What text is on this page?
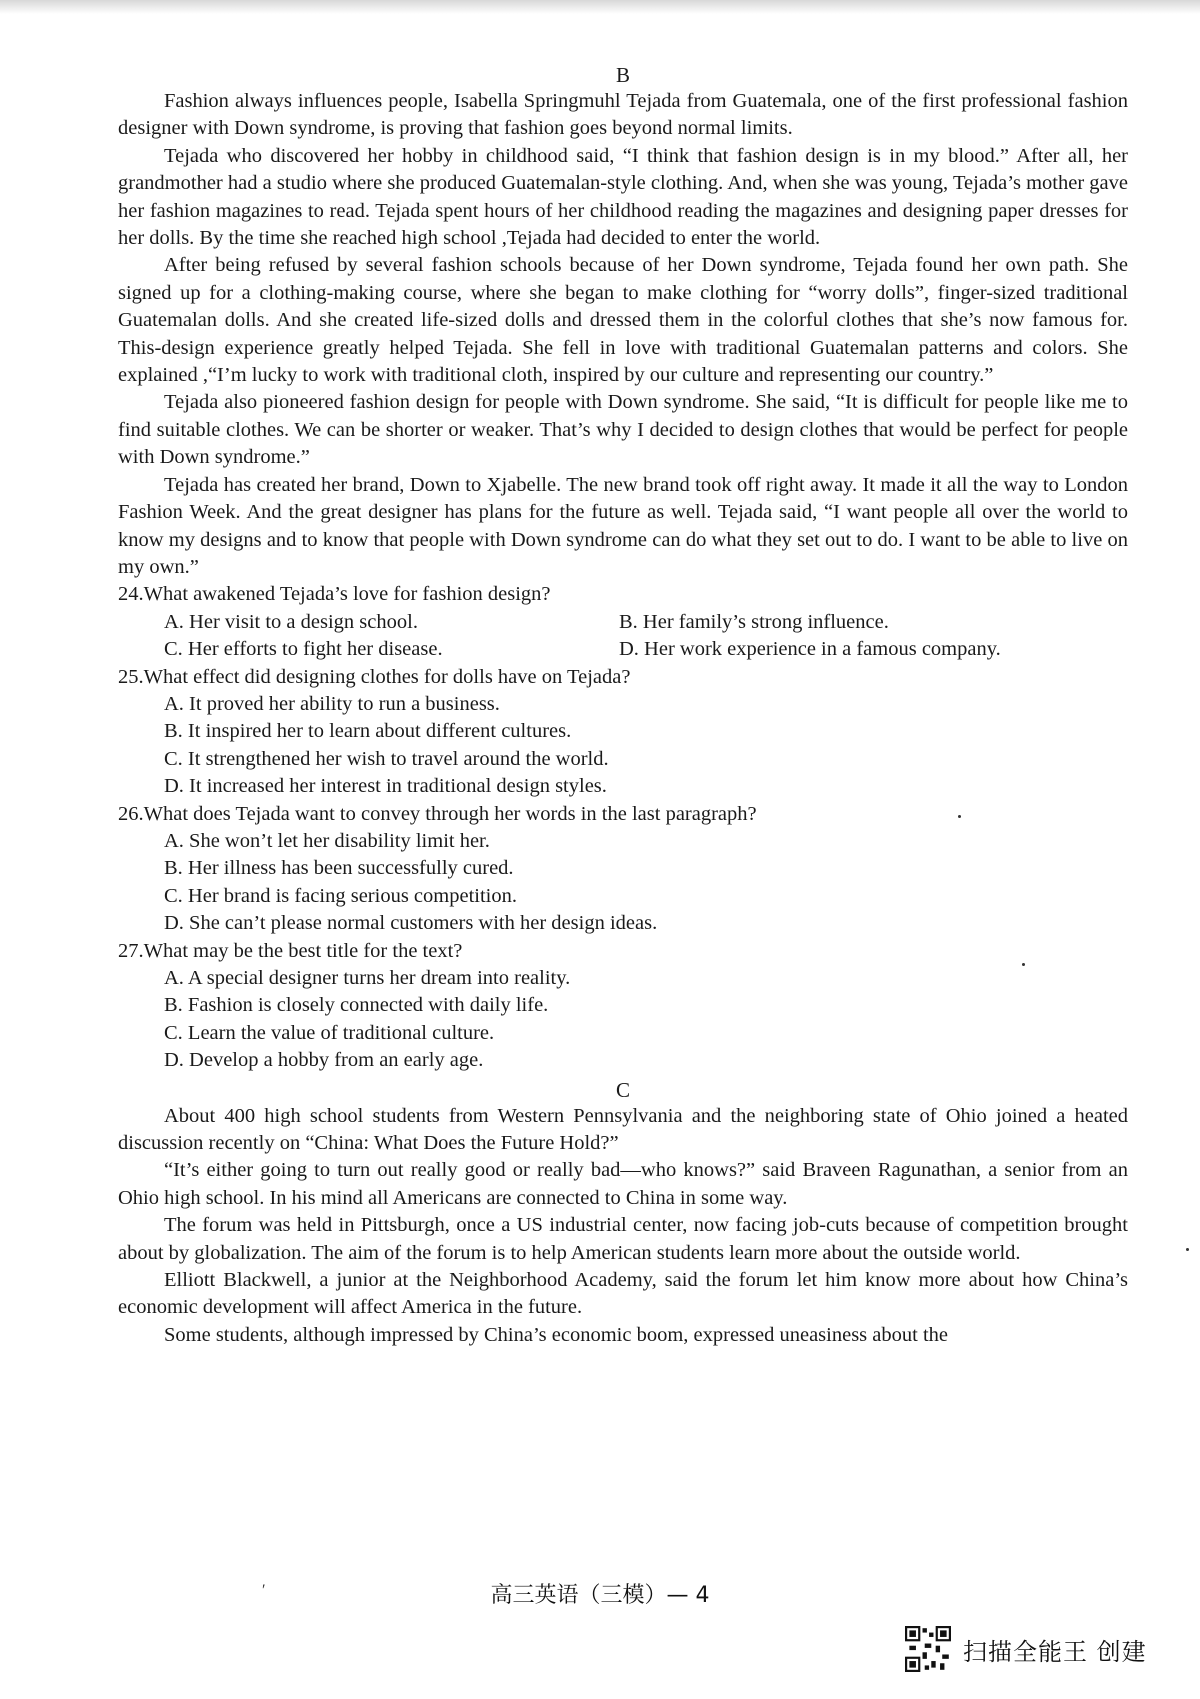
B

Fashion always influences people, Isabella Springmuhl Tejada from Guatemala, one of the first professional fashion designer with Down syndrome, is proving that fashion goes beyond normal limits.

Tejada who discovered her hobby in childhood said, “I think that fashion design is in my blood.” After all, her grandmother had a studio where she produced Guatemalan-style clothing. And, when she was young, Tejada’s mother gave her fashion magazines to read. Tejada spent hours of her childhood reading the magazines and designing paper dresses for her dolls. By the time she reached high school ,Tejada had decided to enter the world.

After being refused by several fashion schools because of her Down syndrome, Tejada found her own path. She signed up for a clothing-making course, where she began to make clothing for “worry dolls”, finger-sized traditional Guatemalan dolls. And she created life-sized dolls and dressed them in the colorful clothes that she’s now famous for. This-design experience greatly helped Tejada. She fell in love with traditional Guatemalan patterns and colors. She explained ,“I’m lucky to work with traditional cloth, inspired by our culture and representing our country.”

Tejada also pioneered fashion design for people with Down syndrome. She said, “It is difficult for people like me to find suitable clothes. We can be shorter or weaker. That’s why I decided to design clothes that would be perfect for people with Down syndrome.”

Tejada has created her brand, Down to Xjabelle. The new brand took off right away. It made it all the way to London Fashion Week. And the great designer has plans for the future as well. Tejada said, “I want people all over the world to know my designs and to know that people with Down syndrome can do what they set out to do. I want to be able to live on my own.”

24.What awakened Tejada’s love for fashion design?

A. Her visit to a design school.	B. Her family’s strong influence.

C. Her efforts to fight her disease.	D. Her work experience in a famous company.

25.What effect did designing clothes for dolls have on Tejada?

A. It proved her ability to run a business.

B. It inspired her to learn about different cultures.

C. It strengthened her wish to travel around the world.

D. It increased her interest in traditional design styles.

26.What does Tejada want to convey through her words in the last paragraph?

A. She won’t let her disability limit her.

B. Her illness has been successfully cured.

C. Her brand is facing serious competition.

D. She can’t please normal customers with her design ideas.

27.What may be the best title for the text?

A. A special designer turns her dream into reality.

B. Fashion is closely connected with daily life.

C. Learn the value of traditional culture.

D. Develop a hobby from an early age.

C

About 400 high school students from Western Pennsylvania and the neighboring state of Ohio joined a heated discussion recently on “China: What Does the Future Hold?”

“It’s either going to turn out really good or really bad—who knows?” said Braveen Ragunathan, a senior from an Ohio high school. In his mind all Americans are connected to China in some way.

The forum was held in Pittsburgh, once a US industrial center, now facing job-cuts because of competition brought about by globalization. The aim of the forum is to help American students learn more about the outside world.

Elliott Blackwell, a junior at the Neighborhood Academy, said the forum let him know more about how China’s economic development will affect America in the future.

Some students, although impressed by China’s economic boom, expressed uneasiness about the

′	高三英语（三模）— 4
扫描全能王 创建
